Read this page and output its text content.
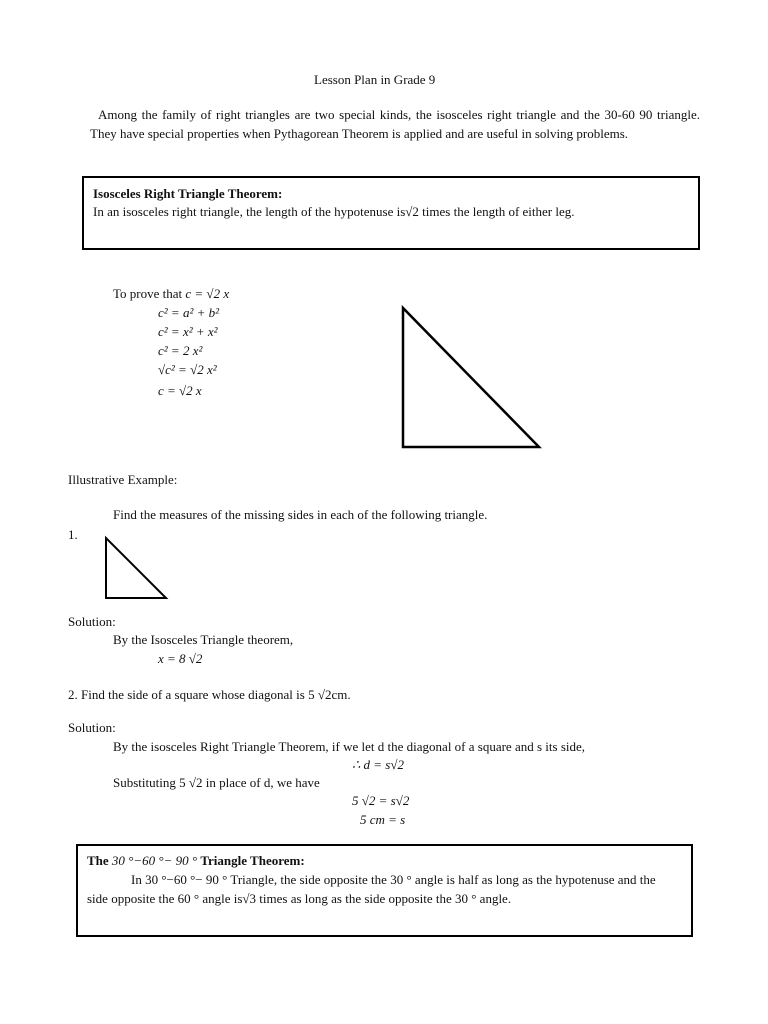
Lesson Plan in Grade 9
Among the family of right triangles are two special kinds, the isosceles right triangle and the 30-60 90 triangle. They have special properties when Pythagorean Theorem is applied and are useful in solving problems.
Isosceles Right Triangle Theorem:
In an isosceles right triangle, the length of the hypotenuse is√2 times the length of either leg.
To prove that c = √2 x
c² = a² + b²
c² = x² + x²
c² = 2 x²
√c² = √2 x²
c = √2 x
Illustrative Example:
Find the measures of the missing sides in each of the following triangle.
1.
Solution:
By the Isosceles Triangle theorem,
x = 8 √2
2. Find the side of a square whose diagonal is 5 √2cm.
Solution:
By the isosceles Right Triangle Theorem, if we let d the diagonal of a square and s its side,
∴ d = s√2
Substituting 5 √2 in place of d, we have
5 √2 = s√2
5 cm = s
The 30 °−60 °− 90 ° Triangle Theorem:
In 30 °−60 °− 90 ° Triangle, the side opposite the 30 ° angle is half as long as the hypotenuse and the side opposite the 60 ° angle is√3 times as long as the side opposite the 30 ° angle.
